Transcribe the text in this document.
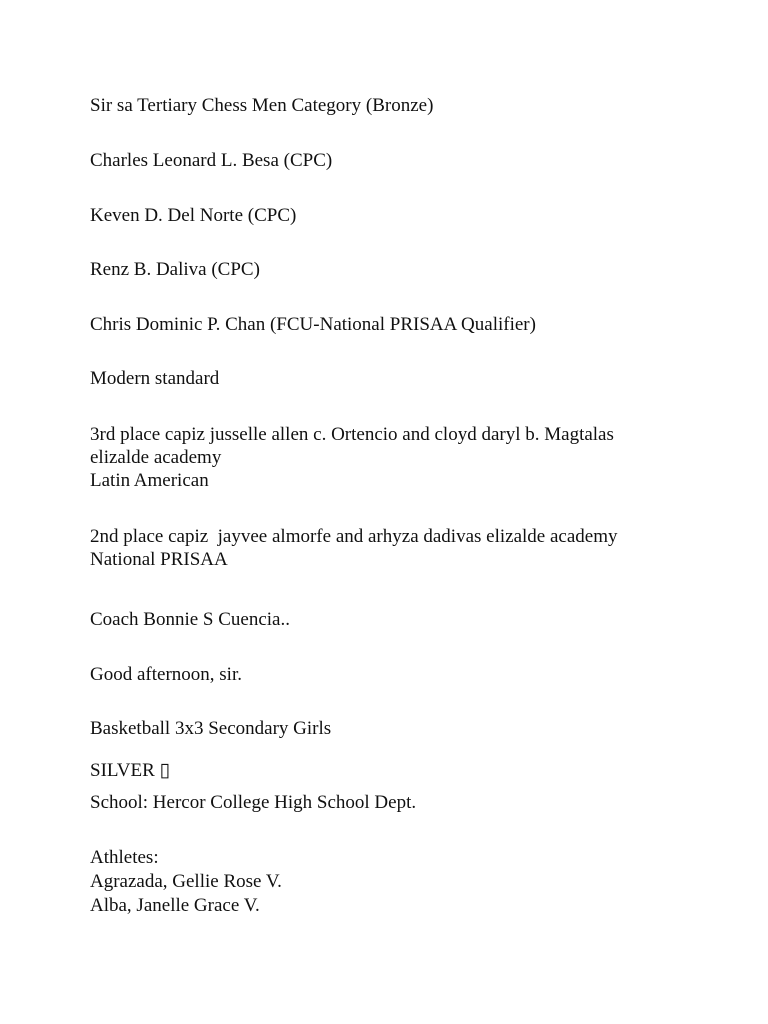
Sir sa Tertiary Chess Men Category (Bronze)
Charles Leonard L. Besa (CPC)
Keven D. Del Norte (CPC)
Renz B. Daliva (CPC)
Chris Dominic P. Chan (FCU-National PRISAA Qualifier)
Modern standard
3rd place capiz jusselle allen c. Ortencio and cloyd daryl b. Magtalas
elizalde academy
Latin American
2nd place capiz  jayvee almorfe and arhyza dadivas elizalde academy
National PRISAA
Coach Bonnie S Cuencia..
Good afternoon, sir.
Basketball 3x3 Secondary Girls
SILVER ▯
School: Hercor College High School Dept.
Athletes:
Agrazada, Gellie Rose V.
Alba, Janelle Grace V.
